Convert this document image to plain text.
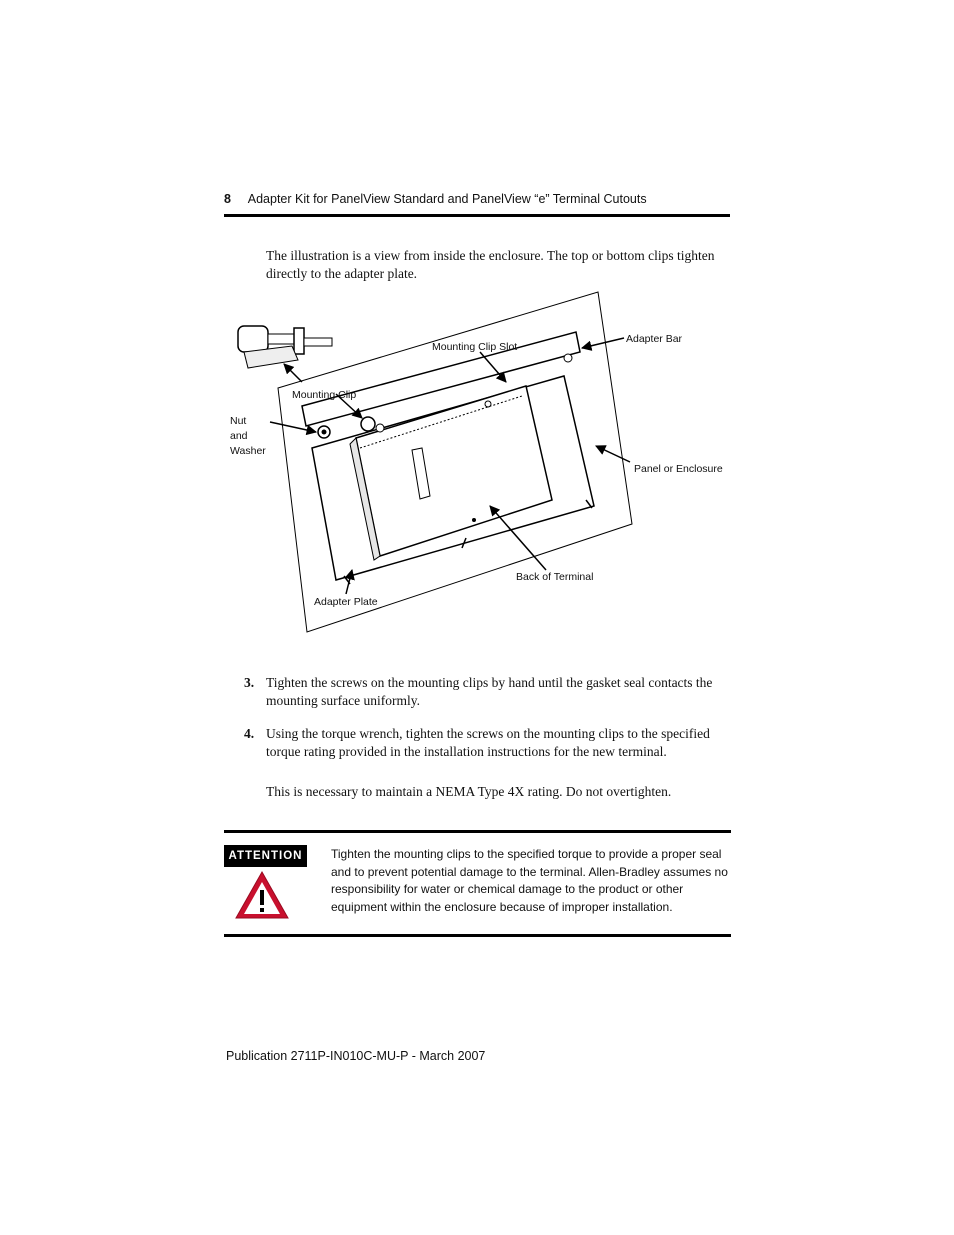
8 Adapter Kit for PanelView Standard and PanelView “e” Terminal Cutouts
The illustration is a view from inside the enclosure. The top or bottom clips tighten directly to the adapter plate.
Adapter Bar
Mounting Clip Slot
Mounting Clip
Nut
and
Washer
Panel or Enclosure
Back of Terminal
Adapter Plate
3. Tighten the screws on the mounting clips by hand until the gasket seal contacts the mounting surface uniformly.
4. Using the torque wrench, tighten the screws on the mounting clips to the specified torque rating provided in the installation instructions for the new terminal.
This is necessary to maintain a NEMA Type 4X rating. Do not overtighten.
ATTENTION	Tighten the mounting clips to the specified torque to provide a proper seal and to prevent potential damage to the terminal. Allen-Bradley assumes no responsibility for water or chemical damage to the product or other equipment within the enclosure because of improper installation.
Publication 2711P-IN010C-MU-P - March 2007
